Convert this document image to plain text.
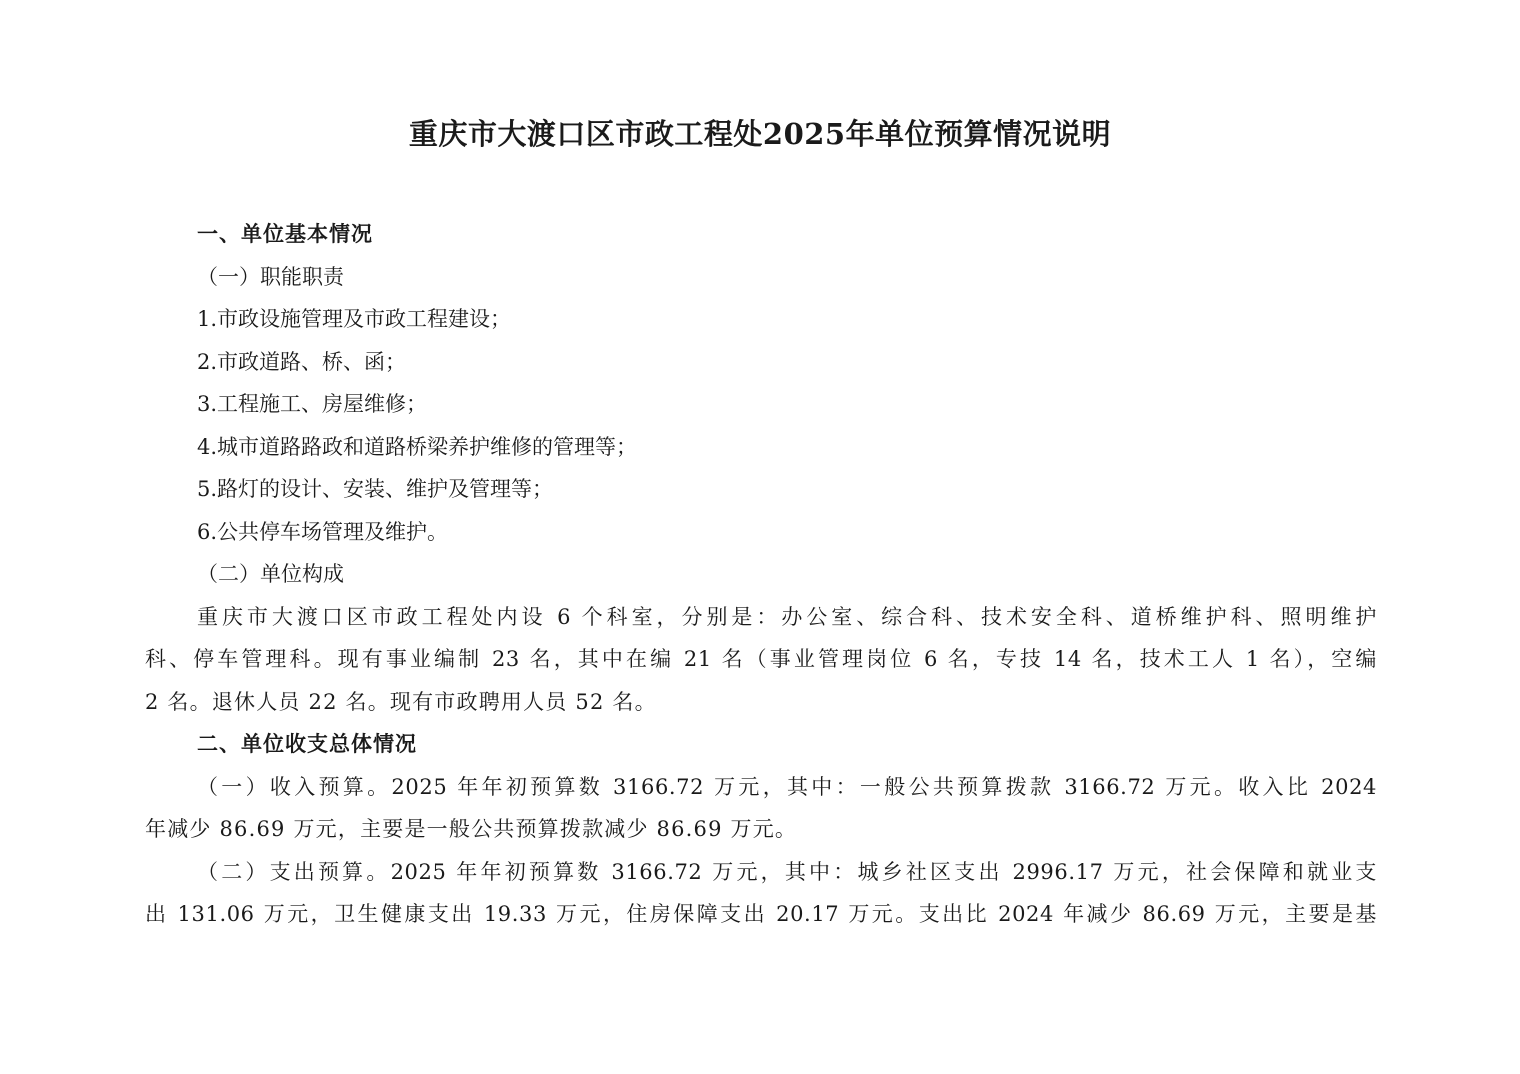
重庆市大渡口区市政工程处2025年单位预算情况说明

一、单位基本情况

（一）职能职责

1.市政设施管理及市政工程建设；

2.市政道路、桥、函；

3.工程施工、房屋维修；

4.城市道路路政和道路桥梁养护维修的管理等；

5.路灯的设计、安装、维护及管理等；

6.公共停车场管理及维护。

（二）单位构成

重庆市大渡口区市政工程处内设 6 个科室，分别是：办公室、综合科、技术安全科、道桥维护科、照明维护

科、停车管理科。现有事业编制 23 名，其中在编 21 名（事业管理岗位 6 名，专技 14 名，技术工人 1 名），空编

2 名。退休人员 22 名。现有市政聘用人员 52 名。

二、单位收支总体情况

（一）收入预算。2025 年年初预算数 3166.72 万元，其中：一般公共预算拨款 3166.72 万元。收入比 2024

年减少 86.69 万元，主要是一般公共预算拨款减少 86.69 万元。

（二）支出预算。2025 年年初预算数 3166.72 万元，其中：城乡社区支出 2996.17 万元，社会保障和就业支

出 131.06 万元，卫生健康支出 19.33 万元，住房保障支出 20.17 万元。支出比 2024 年减少 86.69 万元，主要是基
